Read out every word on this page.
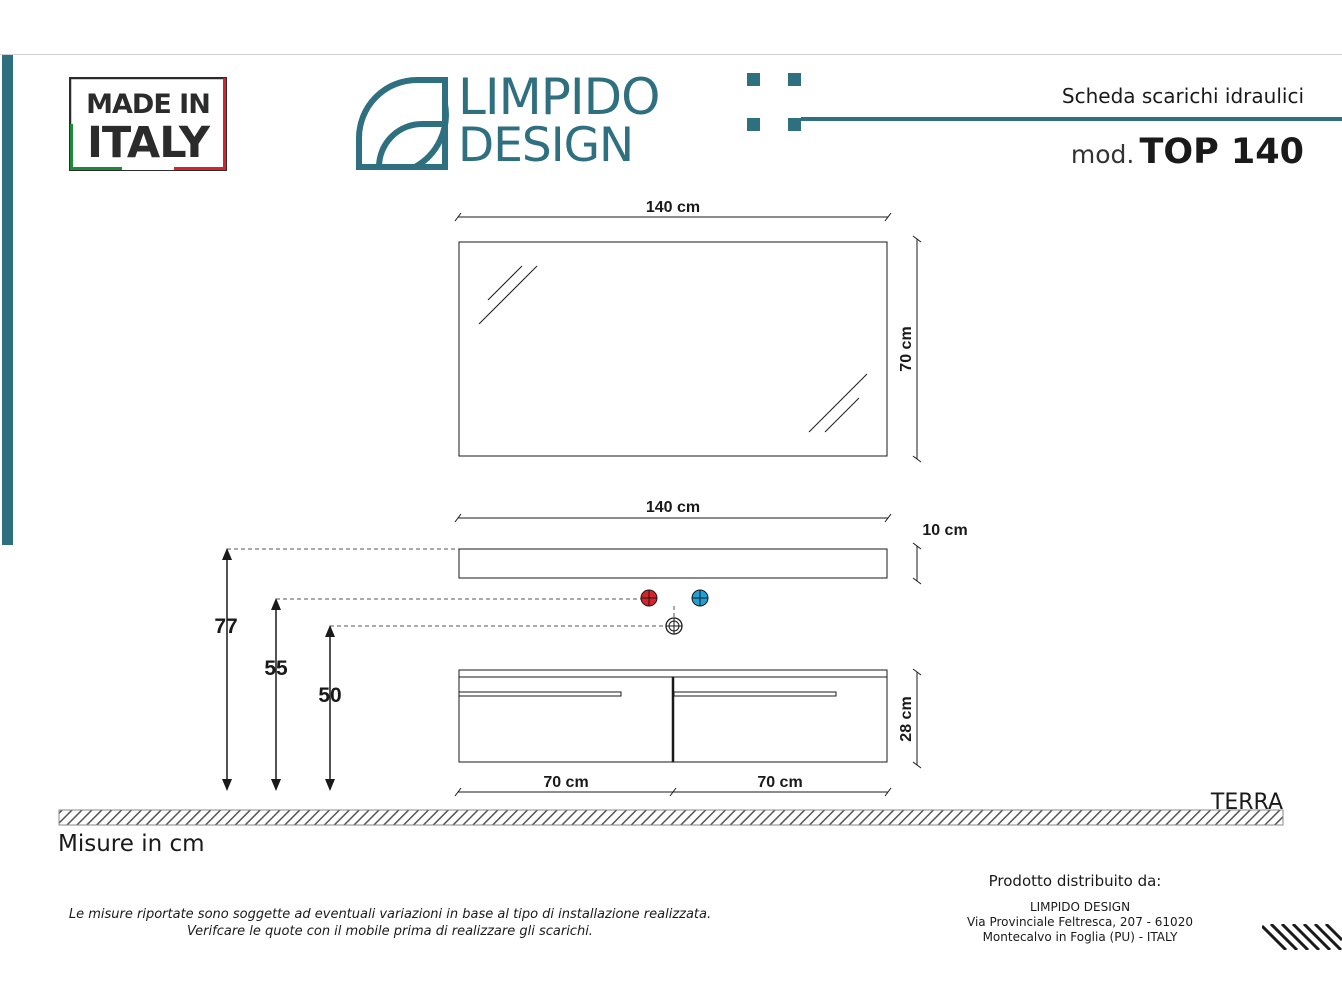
MADE IN
ITALY
LIMPIDO
DESIGN
Scheda scarichi idraulici
mod. TOP 140
140 cm
70 cm
140 cm
10 cm
28 cm
70 cm	70 cm
77
55
50
TERRA
Misure in cm
Le misure riportate sono soggette ad eventuali variazioni in base al tipo di installazione realizzata.
Verifcare le quote con il mobile prima di realizzare gli scarichi.
Prodotto distribuito da:
LIMPIDO DESIGN
Via Provinciale Feltresca, 207 - 61020
Montecalvo in Foglia (PU) - ITALY
